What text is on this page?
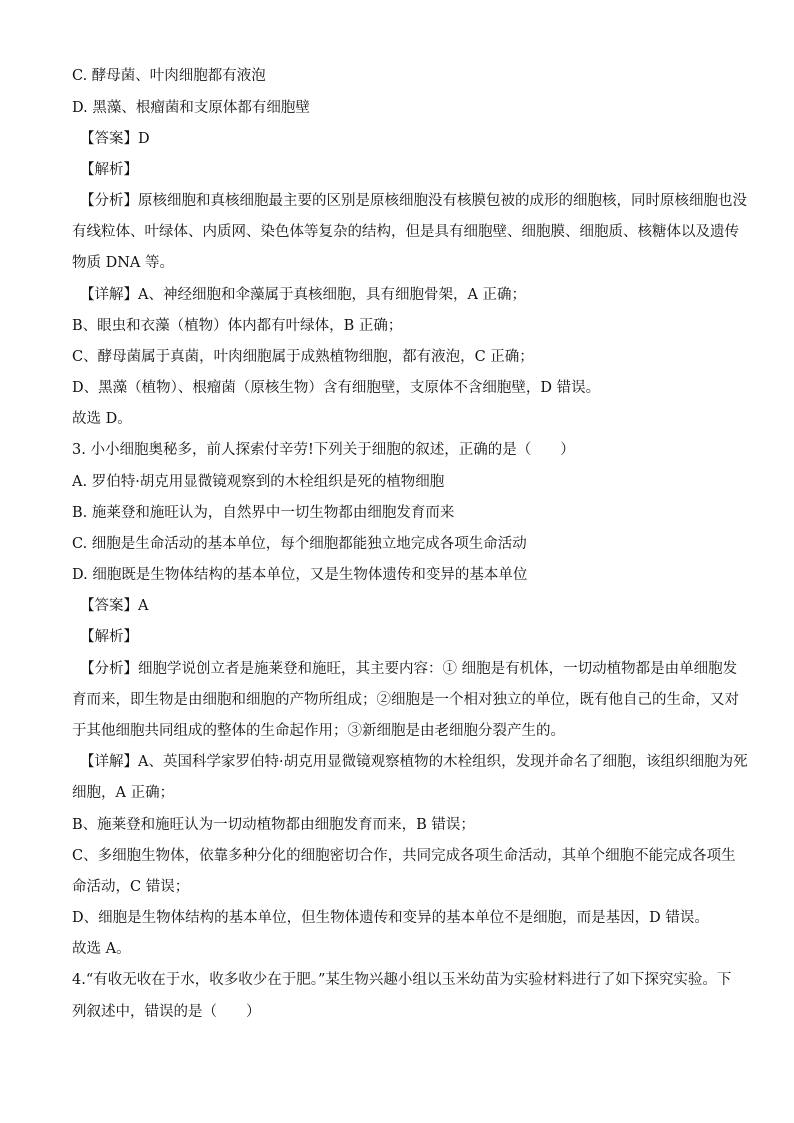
C. 酵母菌、叶肉细胞都有液泡
D. 黑藻、根瘤菌和支原体都有细胞壁
【答案】D
【解析】
【分析】原核细胞和真核细胞最主要的区别是原核细胞没有核膜包被的成形的细胞核，同时原核细胞也没
有线粒体、叶绿体、内质网、染色体等复杂的结构，但是具有细胞壁、细胞膜、细胞质、核糖体以及遗传
物质 DNA 等。
【详解】A、神经细胞和伞藻属于真核细胞，具有细胞骨架，A 正确；
B、眼虫和衣藻（植物）体内都有叶绿体，B 正确；
C、酵母菌属于真菌，叶肉细胞属于成熟植物细胞，都有液泡，C 正确；
D、黑藻（植物）、根瘤菌（原核生物）含有细胞壁，支原体不含细胞壁，D 错误。
故选 D。
3. 小小细胞奥秘多，前人探索付辛劳!下列关于细胞的叙述，正确的是（　　）
A. 罗伯特·胡克用显微镜观察到的木栓组织是死的植物细胞
B. 施莱登和施旺认为，自然界中一切生物都由细胞发育而来
C. 细胞是生命活动的基本单位，每个细胞都能独立地完成各项生命活动
D. 细胞既是生物体结构的基本单位，又是生物体遗传和变异的基本单位
【答案】A
【解析】
【分析】细胞学说创立者是施莱登和施旺，其主要内容：① 细胞是有机体，一切动植物都是由单细胞发
育而来，即生物是由细胞和细胞的产物所组成；②细胞是一个相对独立的单位，既有他自己的生命，又对
于其他细胞共同组成的整体的生命起作用；③新细胞是由老细胞分裂产生的。
【详解】A、英国科学家罗伯特·胡克用显微镜观察植物的木栓组织，发现并命名了细胞，该组织细胞为死
细胞，A 正确；
B、施莱登和施旺认为一切动植物都由细胞发育而来，B 错误；
C、多细胞生物体，依靠多种分化的细胞密切合作，共同完成各项生命活动，其单个细胞不能完成各项生
命活动，C 错误；
D、细胞是生物体结构的基本单位，但生物体遗传和变异的基本单位不是细胞，而是基因，D 错误。
故选 A。
4.“有收无收在于水，收多收少在于肥。”某生物兴趣小组以玉米幼苗为实验材料进行了如下探究实验。下
列叙述中，错误的是（　　）
